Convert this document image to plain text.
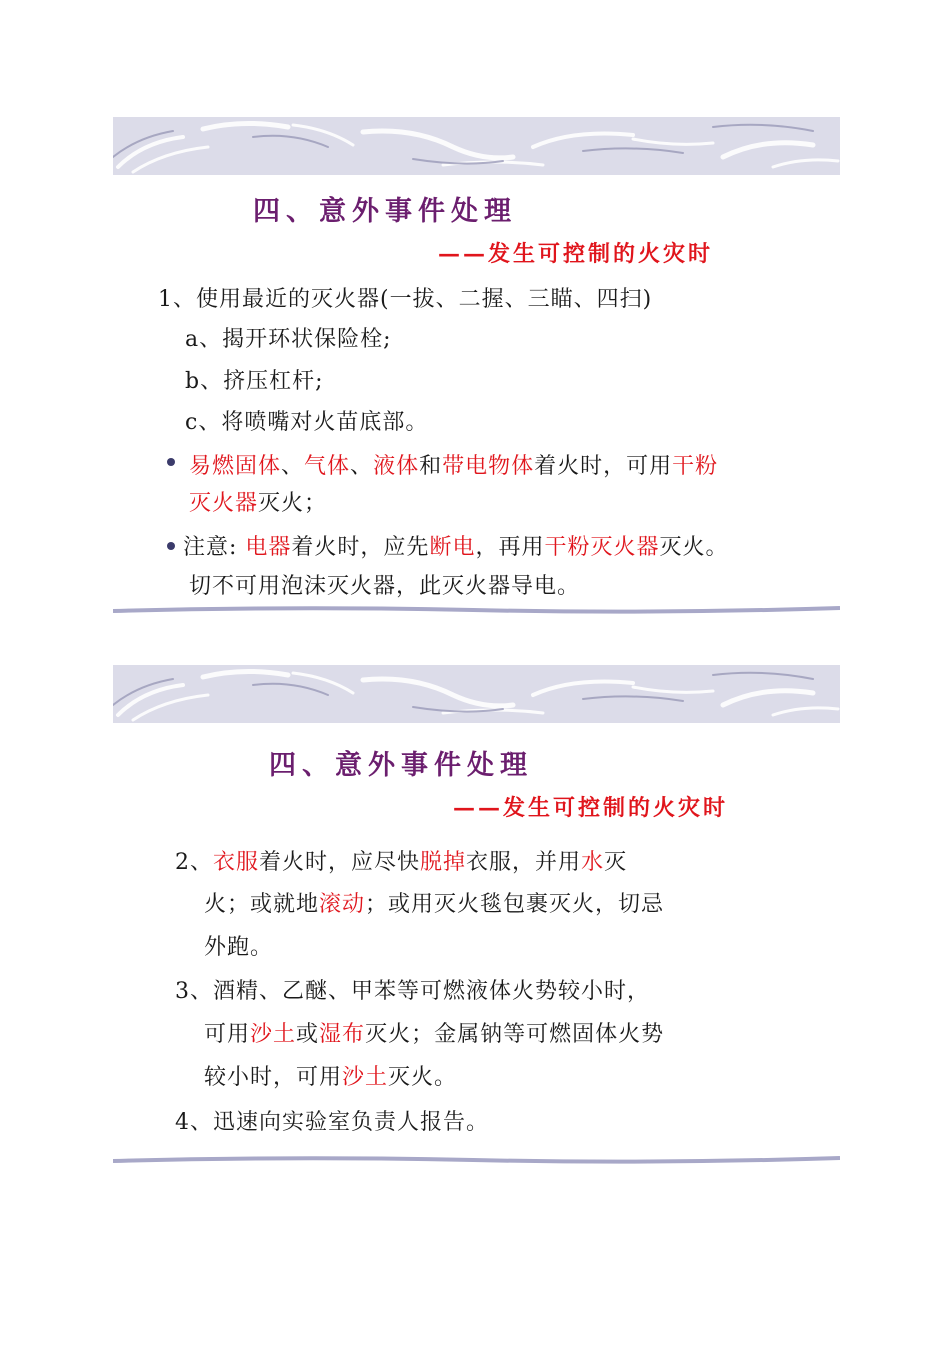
四、意外事件处理
——发生可控制的火灾时
1、使用最近的灭火器(一拔、二握、三瞄、四扫)
a、揭开环状保险栓;
b、挤压杠杆;
c、将喷嘴对火苗底部。
易燃固体、气体、液体和带电物体着火时，可用干粉
灭火器灭火；
注意: 电器着火时，应先断电，再用干粉灭火器灭火。
切不可用泡沫灭火器，此灭火器导电。
四、意外事件处理
——发生可控制的火灾时
2、衣服着火时，应尽快脱掉衣服，并用水灭
火；或就地滚动；或用灭火毯包裹灭火，切忌
外跑。
3、酒精、乙醚、甲苯等可燃液体火势较小时，
可用沙土或湿布灭火；金属钠等可燃固体火势
较小时，可用沙土灭火。
4、迅速向实验室负责人报告。
